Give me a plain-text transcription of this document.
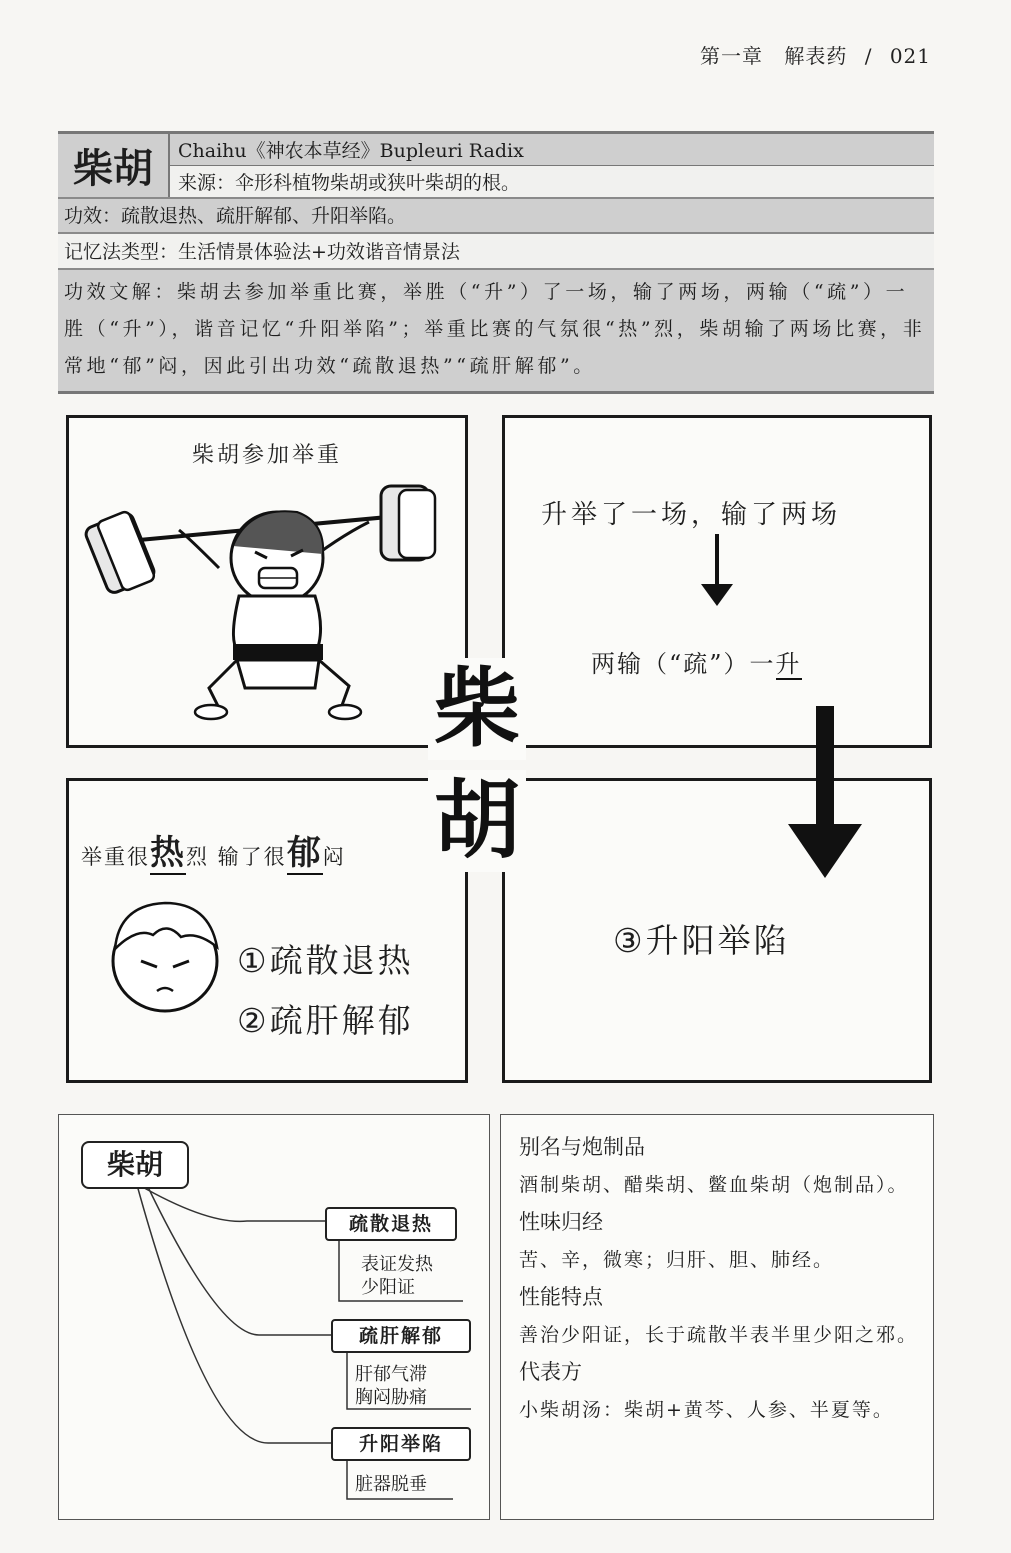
第一章 解表药 / 021
柴胡	Chaihu《神农本草经》Bupleuri Radix
来源：伞形科植物柴胡或狭叶柴胡的根。
功效：疏散退热、疏肝解郁、升阳举陷。
记忆法类型：生活情景体验法+功效谐音情景法
功效文解：柴胡去参加举重比赛，举胜（“升”）了一场，输了两场，两输（“疏”）一胜（“升”），谐音记忆“升阳举陷”；举重比赛的气氛很“热”烈，柴胡输了两场比赛，非常地“郁”闷，因此引出功效“疏散退热”“疏肝解郁”。
柴胡参加举重
升举了一场，输了两场
两输（“疏”）一升
举重很热烈 输了很郁闷
①疏散退热
②疏肝解郁
③升阳举陷
柴
胡
柴胡
疏散退热
表证发热
少阳证
疏肝解郁
肝郁气滞
胸闷胁痛
升阳举陷
脏器脱垂
别名与炮制品
酒制柴胡、醋柴胡、鳖血柴胡（炮制品）。
性味归经
苦、辛，微寒；归肝、胆、肺经。
性能特点
善治少阳证，长于疏散半表半里少阳之邪。
代表方
小柴胡汤：柴胡+黄芩、人参、半夏等。
